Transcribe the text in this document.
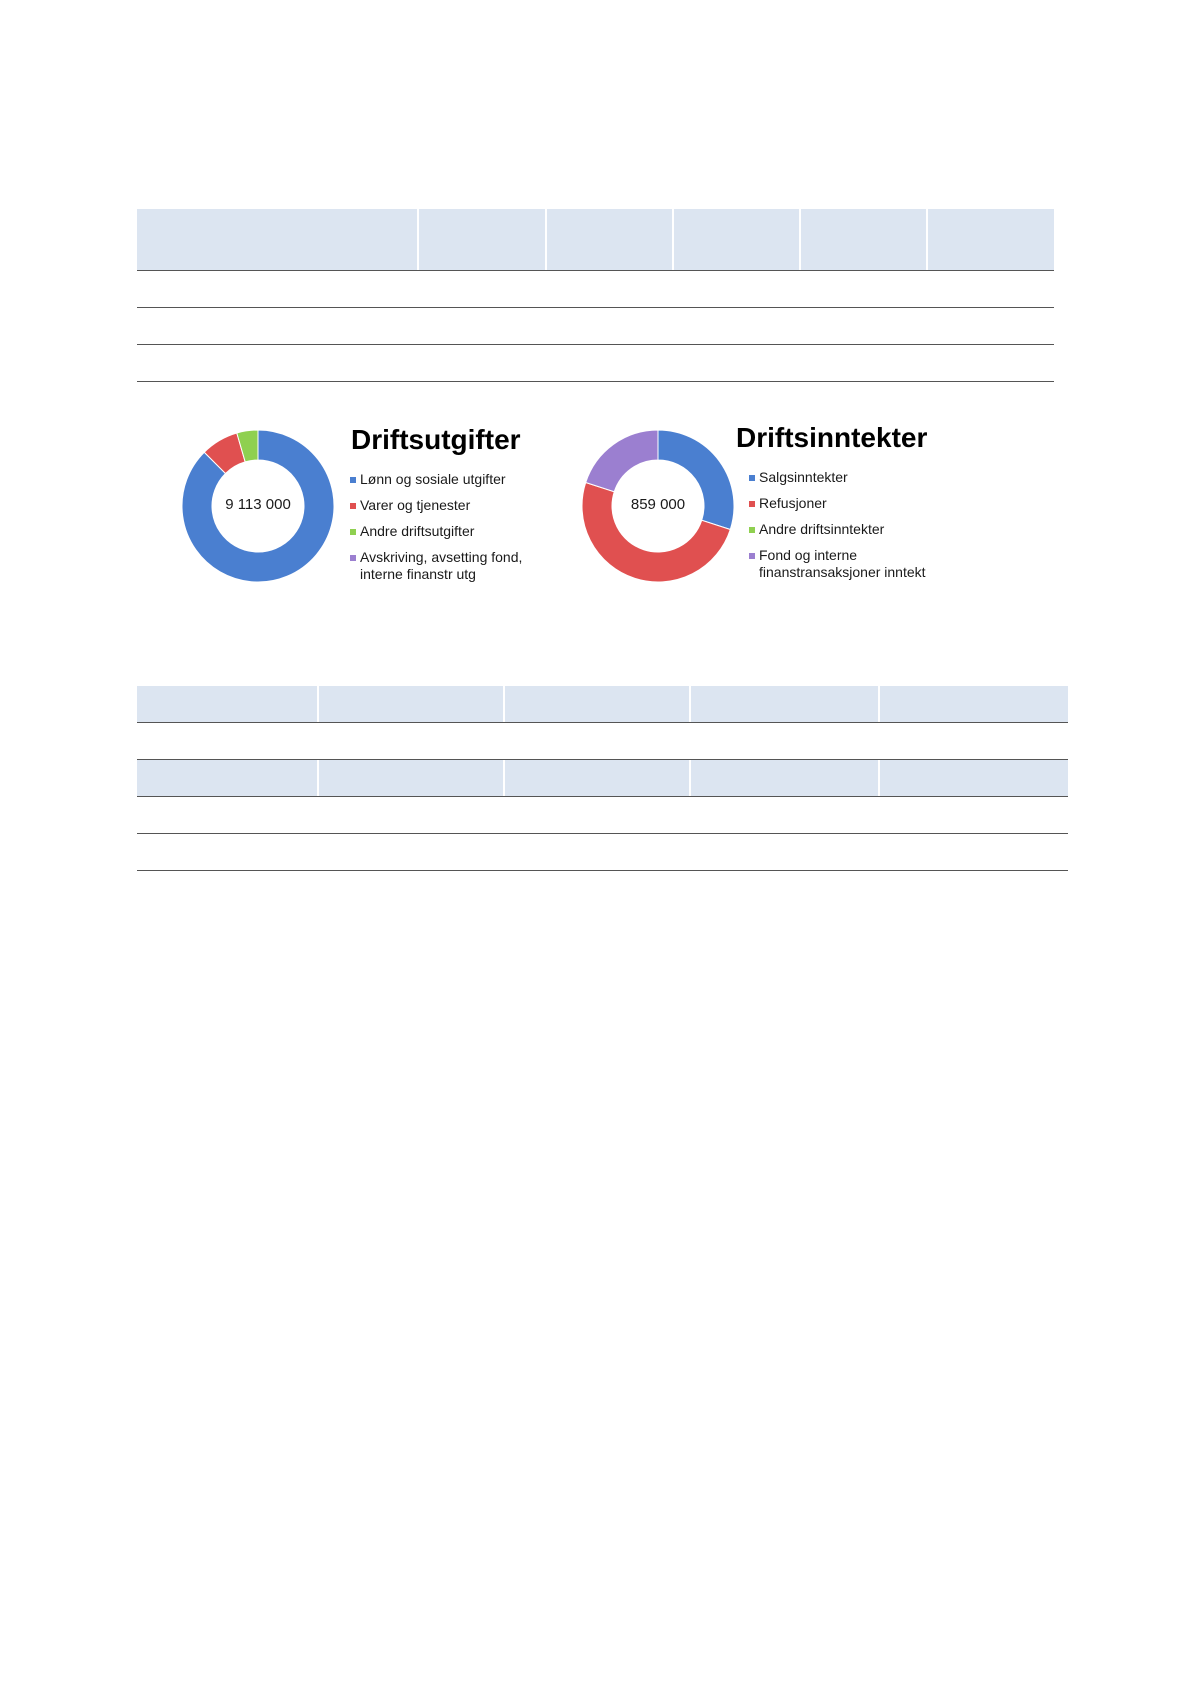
9 113 000
Driftsutgifter
Lønn og sosiale utgifter
Varer og tjenester
Andre driftsutgifter
Avskriving, avsetting fond,
interne finanstr utg
859 000
Driftsinntekter
Salgsinntekter
Refusjoner
Andre driftsinntekter
Fond og interne
finanstransaksjoner inntekt
